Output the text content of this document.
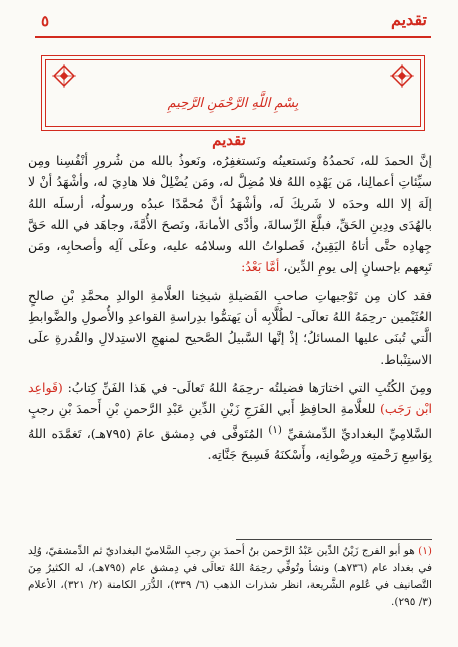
٥	تقديم
بِسْمِ اللَّهِ الرَّحْمَنِ الرَّحِيمِ
تقديم

إنَّ الحمدَ لله، نَحمدُهُ ونَستعينُه ونَستغفِرُه، ونَعوذُ بالله من شُرورِ أنْفُسِنا ومِن سيِّئاتِ أعمالِنا، مَن يَهْدِه اللهُ فلا مُضِلَّ له، ومَن يُضْلِلْ فلا هادِيَ له، وأشْهَدُ أنْ لا إلَهَ إلا الله وحدَه لا شَريكَ لَه، وأشْهَدُ أنَّ مُحمَّدًا عبدُه ورسولُه، أرسلَه اللهُ بالهُدَى ودِينِ الحَقِّ، فبلَّغَ الرِّسالةَ، وأدَّى الأمانةَ، ونَصحَ الأُمَّةَ، وجاهَد في الله حَقَّ جِهادِه حتَّى أتاهُ اليَقِينُ، فَصلواتُ الله وسلامُه عليه، وعلَى آلِه وأصحابِه، ومَن تَبِعهم بإحسانٍ إلى يومِ الدِّين، أمَّا بَعْدُ:

فقد كان مِن تَوْجيهاتِ صاحبِ الفَضيلةِ شيخِنا العلَّامةِ الوالدِ محمَّدِ بْنِ صالحٍ العُثَيْمين -رحِمَهُ اللهُ تعالَى- لطُلَّابِه أن يَهتمُّوا بدِراسةِ القواعدِ والأُصولِ والضَّوابطِ الَّتي تُبنَى عليها المسائلُ؛ إذْ إنَّها السَّبيلُ الصَّحيح لمنهجِ الاستِدلالِ والقُدرةِ علَى الاستِنْباط.

ومِنَ الكُتُبِ التي اختارَها فضيلتُه -رحِمَهُ اللهُ تَعالَى- في هَذا الفَنِّ كِتابُ: (قَواعِد ابْن رَجَب) للعلَّامةِ الحافِظِ أَبي الفَرَجِ زَيْنِ الدِّينِ عَبْدِ الرَّحمنِ بْنِ أَحمدَ بْنِ رجبٍ السَّلامِيِّ البغداديِّ الدِّمشقيِّ $^{(١)}$ المُتَوفَّى في دِمشق عامَ (٧٩٥هـ)، تَغمَّدَه اللهُ بِوَاسِعِ رَحْمتِه ورِضْوانِه، وأَسْكنَهُ فَسِيحَ جَنَّاتِه.

(١) هو أبو الفرج زَيْنُ الدِّين عَبْدُ الرَّحمن بنُ أحمدَ بنِ رجبِ السَّلاميّ البغداديّ ثم الدِّمشقيّ، وُلِد في بغداد عام (٧٣٦هـ) ونشأ وتُوفِّي رحِمَهُ اللهُ تعالَى في دِمشق عام (٧٩٥هـ)، له الكثيرُ مِنَ التَّصانيف في عُلوم الشَّريعة، انظر شذرات الذهب (٦/ ٣٣٩)، الدُّرَر الكامنة (٢/ ٣٢١)، الأعلام (٣/ ٢٩٥).
